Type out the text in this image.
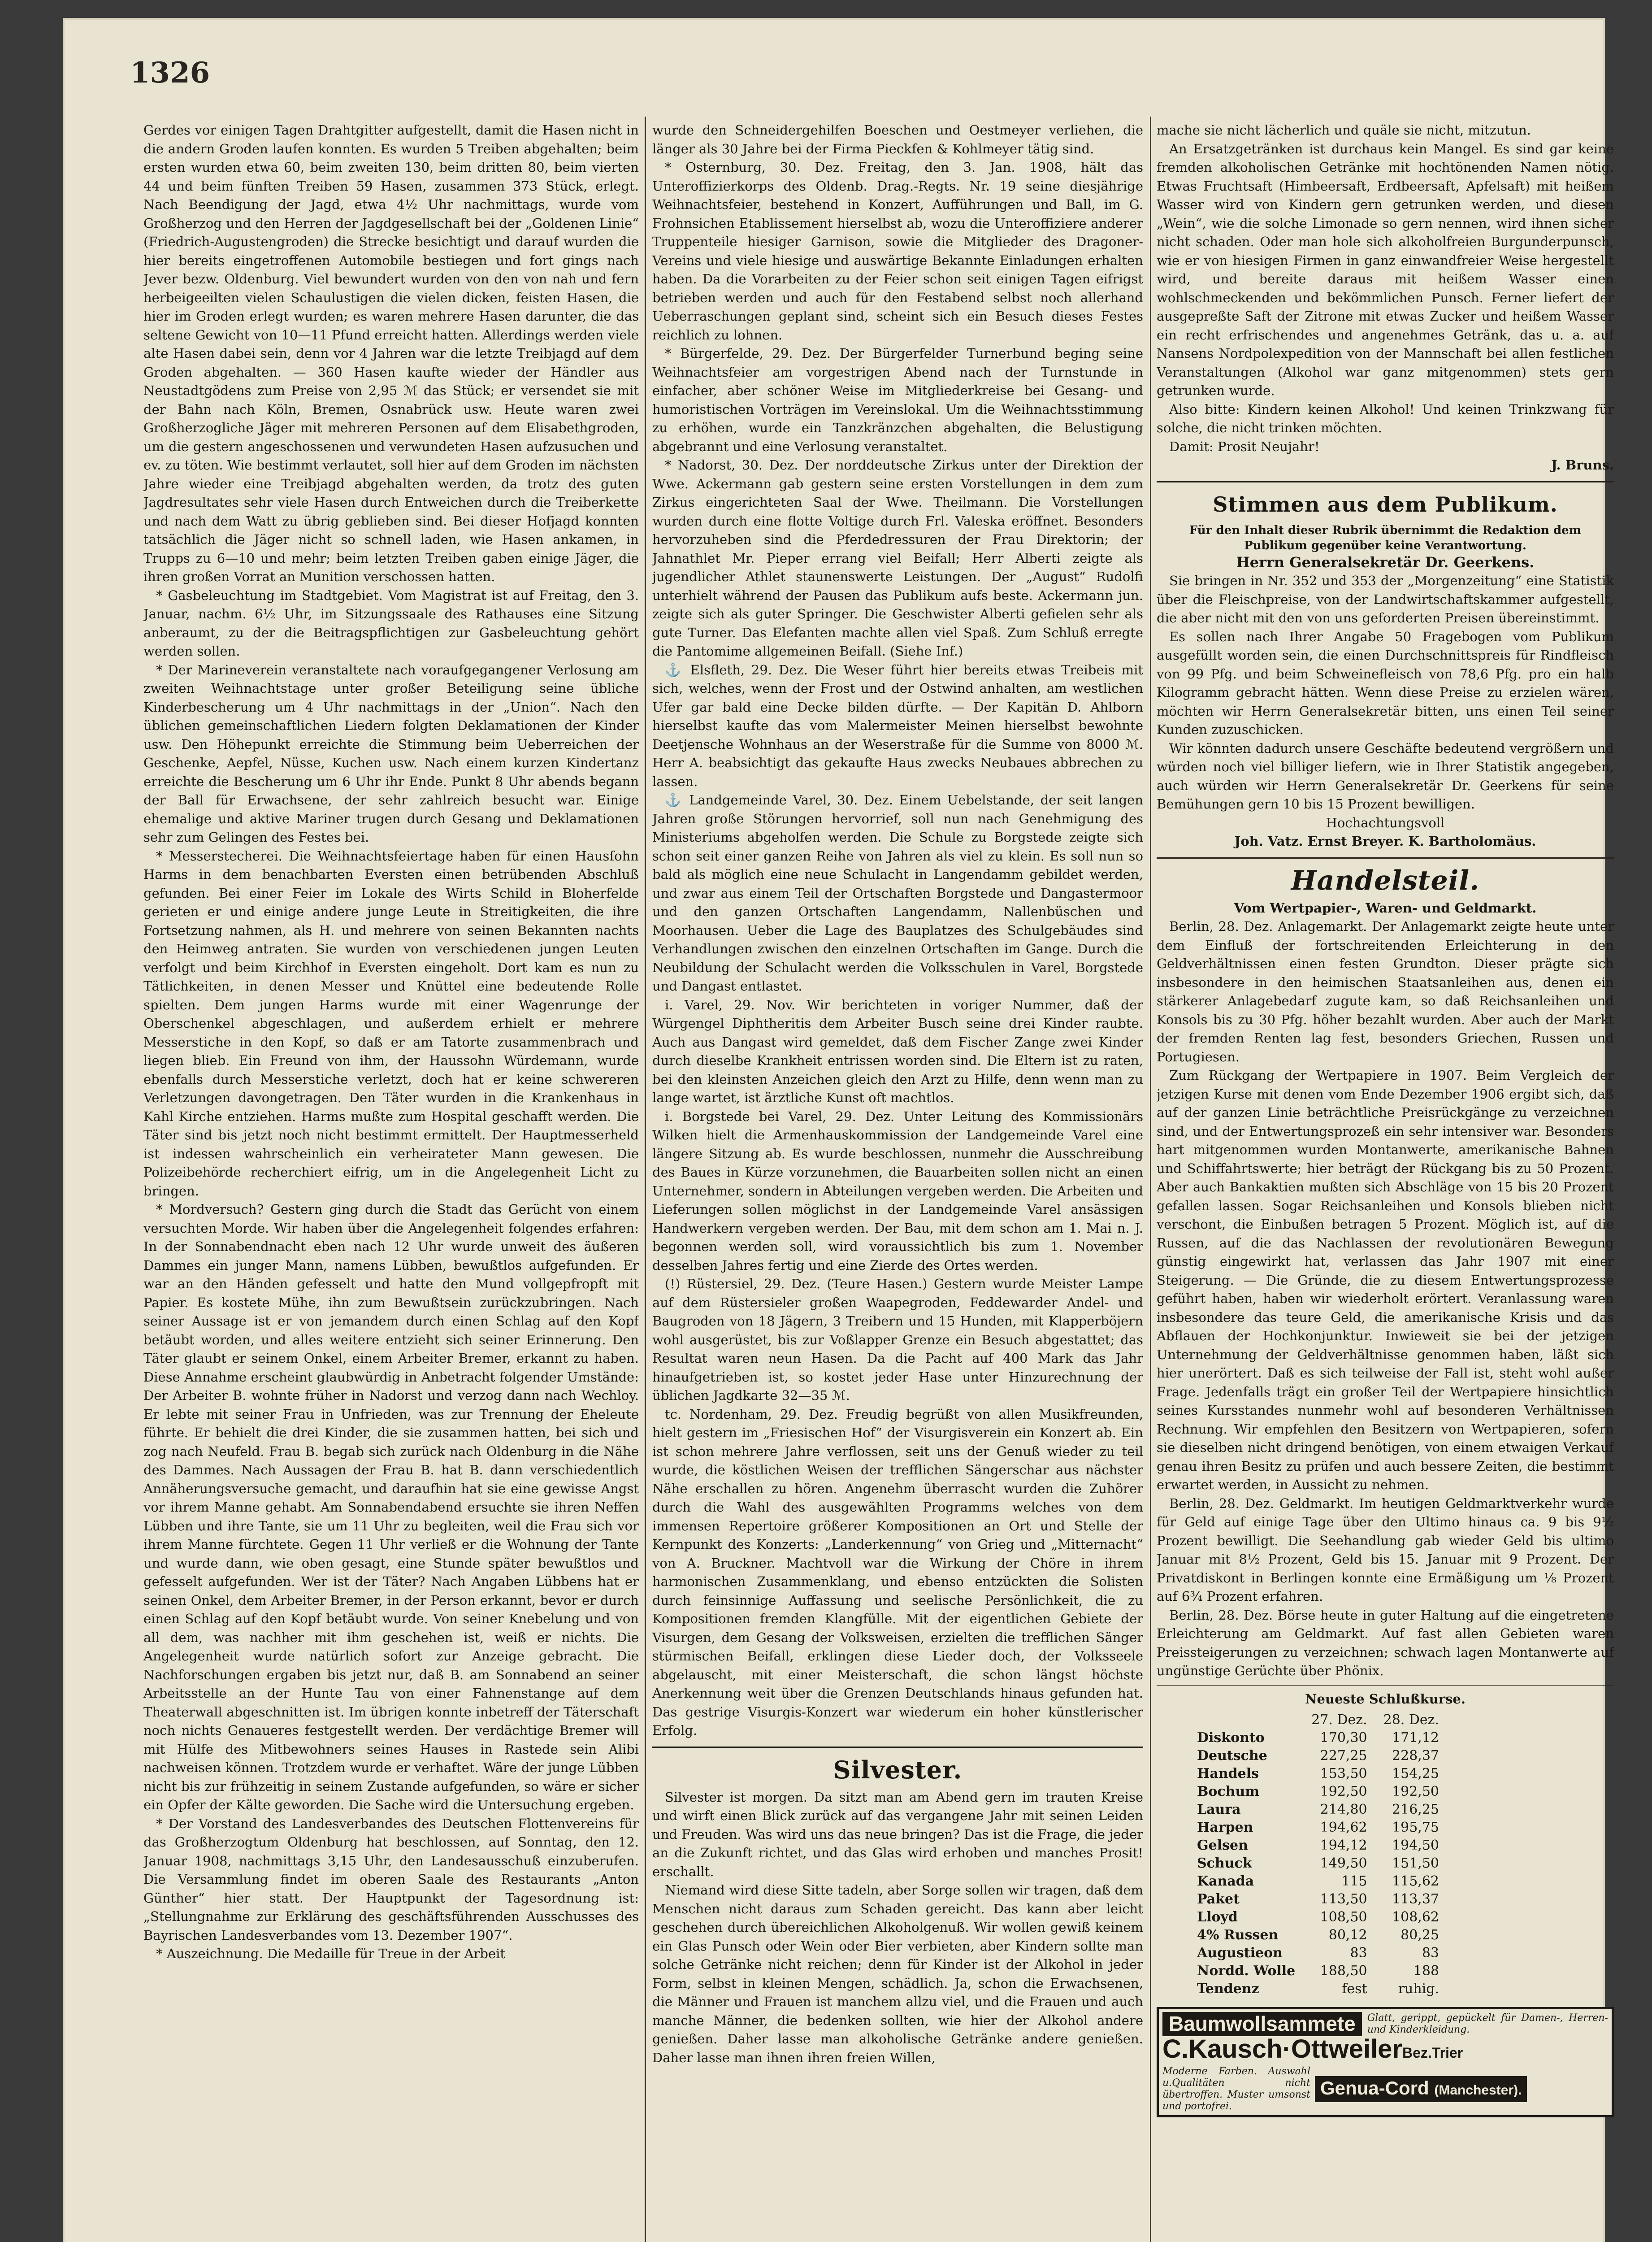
1326

Gerdes vor einigen Tagen Drahtgitter aufgestellt, damit die Hasen nicht in die andern Groden laufen konnten. Es wurden 5 Treiben abgehalten; beim ersten wurden etwa 60, beim zweiten 130, beim dritten 80, beim vierten 44 und beim fünften Treiben 59 Hasen, zusammen 373 Stück, erlegt. Nach Beendigung der Jagd, etwa 4½ Uhr nachmittags, wurde vom Großherzog und den Herren der Jagdgesellschaft bei der „Goldenen Linie“ (Friedrich-Augustengroden) die Strecke besichtigt und darauf wurden die hier bereits eingetroffenen Automobile bestiegen und fort gings nach Jever bezw. Oldenburg. Viel bewundert wurden von den von nah und fern herbeigeeilten vielen Schaulustigen die vielen dicken, feisten Hasen, die hier im Groden erlegt wurden; es waren mehrere Hasen darunter, die das seltene Gewicht von 10—11 Pfund erreicht hatten. Allerdings werden viele alte Hasen dabei sein, denn vor 4 Jahren war die letzte Treibjagd auf dem Groden abgehalten. — 360 Hasen kaufte wieder der Händler aus Neustadtgödens zum Preise von 2,95 ℳ das Stück; er versendet sie mit der Bahn nach Köln, Bremen, Osnabrück usw. Heute waren zwei Großherzogliche Jäger mit mehreren Personen auf dem Elisabethgroden, um die gestern angeschossenen und verwundeten Hasen aufzusuchen und ev. zu töten. Wie bestimmt verlautet, soll hier auf dem Groden im nächsten Jahre wieder eine Treibjagd abgehalten werden, da trotz des guten Jagdresultates sehr viele Hasen durch Entweichen durch die Treiberkette und nach dem Watt zu übrig geblieben sind. Bei dieser Hofjagd konnten tatsächlich die Jäger nicht so schnell laden, wie Hasen ankamen, in Trupps zu 6—10 und mehr; beim letzten Treiben gaben einige Jäger, die ihren großen Vorrat an Munition verschossen hatten.

* Gasbeleuchtung im Stadtgebiet. Vom Magistrat ist auf Freitag, den 3. Januar, nachm. 6½ Uhr, im Sitzungssaale des Rathauses eine Sitzung anberaumt, zu der die Beitragspflichtigen zur Gasbeleuchtung gehört werden sollen.

* Der Marineverein veranstaltete nach voraufgegangener Verlosung am zweiten Weihnachtstage unter großer Beteiligung seine übliche Kinderbescherung um 4 Uhr nachmittags in der „Union“. Nach den üblichen gemeinschaftlichen Liedern folgten Deklamationen der Kinder usw. Den Höhepunkt erreichte die Stimmung beim Ueberreichen der Geschenke, Aepfel, Nüsse, Kuchen usw. Nach einem kurzen Kindertanz erreichte die Bescherung um 6 Uhr ihr Ende. Punkt 8 Uhr abends begann der Ball für Erwachsene, der sehr zahlreich besucht war. Einige ehemalige und aktive Mariner trugen durch Gesang und Deklamationen sehr zum Gelingen des Festes bei.

* Messerstecherei. Die Weihnachtsfeiertage haben für einen Hausſohn Harms in dem benachbarten Eversten einen betrübenden Abschluß gefunden. Bei einer Feier im Lokale des Wirts Schild in Bloherfelde gerieten er und einige andere junge Leute in Streitigkeiten, die ihre Fortsetzung nahmen, als H. und mehrere von seinen Bekannten nachts den Heimweg antraten. Sie wurden von verschiedenen jungen Leuten verfolgt und beim Kirchhof in Eversten eingeholt. Dort kam es nun zu Tätlichkeiten, in denen Messer und Knüttel eine bedeutende Rolle spielten. Dem jungen Harms wurde mit einer Wagenrunge der Oberschenkel abgeschlagen, und außerdem erhielt er mehrere Messerstiche in den Kopf, so daß er am Tatorte zusammenbrach und liegen blieb. Ein Freund von ihm, der Haussohn Würdemann, wurde ebenfalls durch Messerstiche verletzt, doch hat er keine schwereren Verletzungen davongetragen. Den Täter wurden in die Krankenhaus in Kahl Kirche entziehen. Harms mußte zum Hospital geschafft werden. Die Täter sind bis jetzt noch nicht bestimmt ermittelt. Der Hauptmesserheld ist indessen wahrscheinlich ein verheirateter Mann gewesen. Die Polizeibehörde recherchiert eifrig, um in die Angelegenheit Licht zu bringen.

* Mordversuch? Gestern ging durch die Stadt das Gerücht von einem versuchten Morde. Wir haben über die Angelegenheit folgendes erfahren: In der Sonnabendnacht eben nach 12 Uhr wurde unweit des äußeren Dammes ein junger Mann, namens Lübben, bewußtlos aufgefunden. Er war an den Händen gefesselt und hatte den Mund vollgepfropft mit Papier. Es kostete Mühe, ihn zum Bewußtsein zurückzubringen. Nach seiner Aussage ist er von jemandem durch einen Schlag auf den Kopf betäubt worden, und alles weitere entzieht sich seiner Erinnerung. Den Täter glaubt er seinem Onkel, einem Arbeiter Bremer, erkannt zu haben. Diese Annahme erscheint glaubwürdig in Anbetracht folgender Umstände: Der Arbeiter B. wohnte früher in Nadorst und verzog dann nach Wechloy. Er lebte mit seiner Frau in Unfrieden, was zur Trennung der Eheleute führte. Er behielt die drei Kinder, die sie zusammen hatten, bei sich und zog nach Neufeld. Frau B. begab sich zurück nach Oldenburg in die Nähe des Dammes. Nach Aussagen der Frau B. hat B. dann verschiedentlich Annäherungsversuche gemacht, und daraufhin hat sie eine gewisse Angst vor ihrem Manne gehabt. Am Sonnabendabend ersuchte sie ihren Neffen Lübben und ihre Tante, sie um 11 Uhr zu begleiten, weil die Frau sich vor ihrem Manne fürchtete. Gegen 11 Uhr verließ er die Wohnung der Tante und wurde dann, wie oben gesagt, eine Stunde später bewußtlos und gefesselt aufgefunden. Wer ist der Täter? Nach Angaben Lübbens hat er seinen Onkel, dem Arbeiter Bremer, in der Person erkannt, bevor er durch einen Schlag auf den Kopf betäubt wurde. Von seiner Knebelung und von all dem, was nachher mit ihm geschehen ist, weiß er nichts. Die Angelegenheit wurde natürlich sofort zur Anzeige gebracht. Die Nachforschungen ergaben bis jetzt nur, daß B. am Sonnabend an seiner Arbeitsstelle an der Hunte Tau von einer Fahnenstange auf dem Theaterwall abgeschnitten ist. Im übrigen konnte inbetreff der Täterschaft noch nichts Genaueres festgestellt werden. Der verdächtige Bremer will mit Hülfe des Mitbewohners seines Hauses in Rastede sein Alibi nachweisen können. Trotzdem wurde er verhaftet. Wäre der junge Lübben nicht bis zur frühzeitig in seinem Zustande aufgefunden, so wäre er sicher ein Opfer der Kälte geworden. Die Sache wird die Untersuchung ergeben.

* Der Vorstand des Landesverbandes des Deutschen Flottenvereins für das Großherzogtum Oldenburg hat beschlossen, auf Sonntag, den 12. Januar 1908, nachmittags 3,15 Uhr, den Landesausschuß einzuberufen. Die Versammlung findet im oberen Saale des Restaurants „Anton Günther“ hier statt. Der Hauptpunkt der Tagesordnung ist: „Stellungnahme zur Erklärung des geschäftsführenden Ausschusses des Bayrischen Landesverbandes vom 13. Dezember 1907“.

* Auszeichnung. Die Medaille für Treue in der Arbeit

wurde den Schneidergehilfen Boeschen und Oestmeyer verliehen, die länger als 30 Jahre bei der Firma Pieckfen & Kohlmeyer tätig sind.

* Osternburg, 30. Dez. Freitag, den 3. Jan. 1908, hält das Unteroffizierkorps des Oldenb. Drag.-Regts. Nr. 19 seine diesjährige Weihnachtsfeier, bestehend in Konzert, Aufführungen und Ball, im G. Frohnsichen Etablissement hierselbst ab, wozu die Unteroffiziere anderer Truppenteile hiesiger Garnison, sowie die Mitglieder des Dragoner-Vereins und viele hiesige und auswärtige Bekannte Einladungen erhalten haben. Da die Vorarbeiten zu der Feier schon seit einigen Tagen eifrigst betrieben werden und auch für den Festabend selbst noch allerhand Ueberraschungen geplant sind, scheint sich ein Besuch dieses Festes reichlich zu lohnen.

* Bürgerfelde, 29. Dez. Der Bürgerfelder Turnerbund beging seine Weihnachtsfeier am vorgestrigen Abend nach der Turnstunde in einfacher, aber schöner Weise im Mitgliederkreise bei Gesang- und humoristischen Vorträgen im Vereinslokal. Um die Weihnachtsstimmung zu erhöhen, wurde ein Tanzkränzchen abgehalten, die Belustigung abgebrannt und eine Verlosung veranstaltet.

* Nadorst, 30. Dez. Der norddeutsche Zirkus unter der Direktion der Wwe. Ackermann gab gestern seine ersten Vorstellungen in dem zum Zirkus eingerichteten Saal der Wwe. Theilmann. Die Vorstellungen wurden durch eine flotte Voltige durch Frl. Valeska eröffnet. Besonders hervorzuheben sind die Pferdedressuren der Frau Direktorin; der Jahnathlet Mr. Pieper errang viel Beifall; Herr Alberti zeigte als jugendlicher Athlet staunenswerte Leistungen. Der „August“ Rudolfi unterhielt während der Pausen das Publikum aufs beste. Ackermann jun. zeigte sich als guter Springer. Die Geschwister Alberti gefielen sehr als gute Turner. Das Elefanten machte allen viel Spaß. Zum Schluß erregte die Pantomime allgemeinen Beifall. (Siehe Inf.)

⚓ Elsfleth, 29. Dez. Die Weser führt hier bereits etwas Treibeis mit sich, welches, wenn der Frost und der Ostwind anhalten, am westlichen Ufer gar bald eine Decke bilden dürfte. — Der Kapitän D. Ahlborn hierselbst kaufte das vom Malermeister Meinen hierselbst bewohnte Deetjensche Wohnhaus an der Weserstraße für die Summe von 8000 ℳ. Herr A. beabsichtigt das gekaufte Haus zwecks Neubaues abbrechen zu lassen.

⚓ Landgemeinde Varel, 30. Dez. Einem Uebelstande, der seit langen Jahren große Störungen hervorrief, soll nun nach Genehmigung des Ministeriums abgeholfen werden. Die Schule zu Borgstede zeigte sich schon seit einer ganzen Reihe von Jahren als viel zu klein. Es soll nun so bald als möglich eine neue Schulacht in Langendamm gebildet werden, und zwar aus einem Teil der Ortschaften Borgstede und Dangastermoor und den ganzen Ortschaften Langendamm, Nallenbüschen und Moorhausen. Ueber die Lage des Bauplatzes des Schulgebäudes sind Verhandlungen zwischen den einzelnen Ortschaften im Gange. Durch die Neubildung der Schulacht werden die Volksschulen in Varel, Borgstede und Dangast entlastet.

i. Varel, 29. Nov. Wir berichteten in voriger Nummer, daß der Würgengel Diphtheritis dem Arbeiter Busch seine drei Kinder raubte. Auch aus Dangast wird gemeldet, daß dem Fischer Zange zwei Kinder durch dieselbe Krankheit entrissen worden sind. Die Eltern ist zu raten, bei den kleinsten Anzeichen gleich den Arzt zu Hilfe, denn wenn man zu lange wartet, ist ärztliche Kunst oft machtlos.

i. Borgstede bei Varel, 29. Dez. Unter Leitung des Kommissionärs Wilken hielt die Armenhauskommission der Landgemeinde Varel eine längere Sitzung ab. Es wurde beschlossen, nunmehr die Ausschreibung des Baues in Kürze vorzunehmen, die Bauarbeiten sollen nicht an einen Unternehmer, sondern in Abteilungen vergeben werden. Die Arbeiten und Lieferungen sollen möglichst in der Landgemeinde Varel ansässigen Handwerkern vergeben werden. Der Bau, mit dem schon am 1. Mai n. J. begonnen werden soll, wird voraussichtlich bis zum 1. November desselben Jahres fertig und eine Zierde des Ortes werden.

(!) Rüstersiel, 29. Dez. (Teure Hasen.) Gestern wurde Meister Lampe auf dem Rüstersieler großen Waapegroden, Feddewarder Andel- und Baugroden von 18 Jägern, 3 Treibern und 15 Hunden, mit Klapperböjern wohl ausgerüstet, bis zur Voßlapper Grenze ein Besuch abgestattet; das Resultat waren neun Hasen. Da die Pacht auf 400 Mark das Jahr hinaufgetrieben ist, so kostet jeder Hase unter Hinzurechnung der üblichen Jagdkarte 32—35 ℳ.

tc. Nordenham, 29. Dez. Freudig begrüßt von allen Musikfreunden, hielt gestern im „Friesischen Hof“ der Visurgisverein ein Konzert ab. Ein ist schon mehrere Jahre verflossen, seit uns der Genuß wieder zu teil wurde, die köstlichen Weisen der trefflichen Sängerschar aus nächster Nähe erschallen zu hören. Angenehm überrascht wurden die Zuhörer durch die Wahl des ausgewählten Programms welches von dem immensen Repertoire größerer Kompositionen an Ort und Stelle der Kernpunkt des Konzerts: „Landerkennung“ von Grieg und „Mitternacht“ von A. Bruckner. Machtvoll war die Wirkung der Chöre in ihrem harmonischen Zusammenklang, und ebenso entzückten die Solisten durch feinsinnige Auffassung und seelische Persönlichkeit, die zu Kompositionen fremden Klangfülle. Mit der eigentlichen Gebiete der Visurgen, dem Gesang der Volksweisen, erzielten die trefflichen Sänger stürmischen Beifall, erklingen diese Lieder doch, der Volksseele abgelauscht, mit einer Meisterschaft, die schon längst höchste Anerkennung weit über die Grenzen Deutschlands hinaus gefunden hat. Das gestrige Visurgis-Konzert war wiederum ein hoher künstlerischer Erfolg.

Silvester.

Silvester ist morgen. Da sitzt man am Abend gern im trauten Kreise und wirft einen Blick zurück auf das vergangene Jahr mit seinen Leiden und Freuden. Was wird uns das neue bringen? Das ist die Frage, die jeder an die Zukunft richtet, und das Glas wird erhoben und manches Prosit! erschallt.

Niemand wird diese Sitte tadeln, aber Sorge sollen wir tragen, daß dem Menschen nicht daraus zum Schaden gereicht. Das kann aber leicht geschehen durch übereichlichen Alkoholgenuß. Wir wollen gewiß keinem ein Glas Punsch oder Wein oder Bier verbieten, aber Kindern sollte man solche Getränke nicht reichen; denn für Kinder ist der Alkohol in jeder Form, selbst in kleinen Mengen, schädlich. Ja, schon die Erwachsenen, die Männer und Frauen ist manchem allzu viel, und die Frauen und auch manche Männer, die bedenken sollten, wie hier der Alkohol andere genießen. Daher lasse man alkoholische Getränke andere genießen. Daher lasse man ihnen ihren freien Willen,

mache sie nicht lächerlich und quäle sie nicht, mitzutun.

An Ersatzgetränken ist durchaus kein Mangel. Es sind gar keine fremden alkoholischen Getränke mit hochtönenden Namen nötig. Etwas Fruchtsaft (Himbeersaft, Erdbeersaft, Apfelsaft) mit heißem Wasser wird von Kindern gern getrunken werden, und diesen „Wein“, wie die solche Limonade so gern nennen, wird ihnen sicher nicht schaden. Oder man hole sich alkoholfreien Burgunderpunsch, wie er von hiesigen Firmen in ganz einwandfreier Weise hergestellt wird, und bereite daraus mit heißem Wasser einen wohlschmeckenden und bekömmlichen Punsch. Ferner liefert der ausgepreßte Saft der Zitrone mit etwas Zucker und heißem Wasser ein recht erfrischendes und angenehmes Getränk, das u. a. auf Nansens Nordpolexpedition von der Mannschaft bei allen festlichen Veranstaltungen (Alkohol war ganz mitgenommen) stets gern getrunken wurde.

Also bitte: Kindern keinen Alkohol! Und keinen Trinkzwang für solche, die nicht trinken möchten.

Damit: Prosit Neujahr!

J. Bruns.

Stimmen aus dem Publikum.

Für den Inhalt dieser Rubrik übernimmt die Redaktion dem Publikum gegenüber keine Verantwortung.

Herrn Generalsekretär Dr. Geerkens.

Sie bringen in Nr. 352 und 353 der „Morgenzeitung“ eine Statistik über die Fleischpreise, von der Landwirtschaftskammer aufgestellt, die aber nicht mit den von uns geforderten Preisen übereinstimmt.

Es sollen nach Ihrer Angabe 50 Fragebogen vom Publikum ausgefüllt worden sein, die einen Durchschnittspreis für Rindfleisch von 99 Pfg. und beim Schweinefleisch von 78,6 Pfg. pro ein halb Kilogramm gebracht hätten. Wenn diese Preise zu erzielen wären, möchten wir Herrn Generalsekretär bitten, uns einen Teil seiner Kunden zuzuschicken.

Wir könnten dadurch unsere Geschäfte bedeutend vergrößern und würden noch viel billiger liefern, wie in Ihrer Statistik angegeben, auch würden wir Herrn Generalsekretär Dr. Geerkens für seine Bemühungen gern 10 bis 15 Prozent bewilligen.

Hochachtungsvoll

Joh. Vatz. Ernst Breyer. K. Bartholomäus.

Handelsteil.

Vom Wertpapier-, Waren- und Geldmarkt.

Berlin, 28. Dez. Anlagemarkt. Der Anlagemarkt zeigte heute unter dem Einfluß der fortschreitenden Erleichterung in den Geldverhältnissen einen festen Grundton. Dieser prägte sich insbesondere in den heimischen Staatsanleihen aus, denen ein stärkerer Anlagebedarf zugute kam, so daß Reichsanleihen und Konsols bis zu 30 Pfg. höher bezahlt wurden. Aber auch der Markt der fremden Renten lag fest, besonders Griechen, Russen und Portugiesen.

Zum Rückgang der Wertpapiere in 1907. Beim Vergleich der jetzigen Kurse mit denen vom Ende Dezember 1906 ergibt sich, daß auf der ganzen Linie beträchtliche Preisrückgänge zu verzeichnen sind, und der Entwertungsprozeß ein sehr intensiver war. Besonders hart mitgenommen wurden Montanwerte, amerikanische Bahnen und Schiffahrtswerte; hier beträgt der Rückgang bis zu 50 Prozent. Aber auch Bankaktien mußten sich Abschläge von 15 bis 20 Prozent gefallen lassen. Sogar Reichsanleihen und Konsols blieben nicht verschont, die Einbußen betragen 5 Prozent. Möglich ist, auf die Russen, auf die das Nachlassen der revolutionären Bewegung günstig eingewirkt hat, verlassen das Jahr 1907 mit einer Steigerung. — Die Gründe, die zu diesem Entwertungsprozesse geführt haben, haben wir wiederholt erörtert. Veranlassung waren insbesondere das teure Geld, die amerikanische Krisis und das Abflauen der Hochkonjunktur. Inwieweit sie bei der jetzigen Unternehmung der Geldverhältnisse genommen haben, läßt sich hier unerörtert. Daß es sich teilweise der Fall ist, steht wohl außer Frage. Jedenfalls trägt ein großer Teil der Wertpapiere hinsichtlich seines Kursstandes nunmehr wohl auf besonderen Verhältnissen Rechnung. Wir empfehlen den Besitzern von Wertpapieren, sofern sie dieselben nicht dringend benötigen, von einem etwaigen Verkauf genau ihren Besitz zu prüfen und auch bessere Zeiten, die bestimmt erwartet werden, in Aussicht zu nehmen.

Berlin, 28. Dez. Geldmarkt. Im heutigen Geldmarktverkehr wurde für Geld auf einige Tage über den Ultimo hinaus ca. 9 bis 9½ Prozent bewilligt. Die Seehandlung gab wieder Geld bis ultimo Januar mit 8½ Prozent, Geld bis 15. Januar mit 9 Prozent. Der Privatdiskont in Berlingen konnte eine Ermäßigung um ⅛ Prozent auf 6¾ Prozent erfahren.

Berlin, 28. Dez. Börse heute in guter Haltung auf die eingetretene Erleichterung am Geldmarkt. Auf fast allen Gebieten waren Preissteigerungen zu verzeichnen; schwach lagen Montanwerte auf ungünstige Gerüchte über Phönix.

Neueste Schlußkurse.

	27. Dez.	28. Dez.
Diskonto	170,30	171,12
Deutsche	227,25	228,37
Handels	153,50	154,25
Bochum	192,50	192,50
Laura	214,80	216,25
Harpen	194,62	195,75
Gelsen	194,12	194,50
Schuck	149,50	151,50
Kanada	115	115,62
Paket	113,50	113,37
Lloyd	108,50	108,62
4% Russen	80,12	80,25
Augustieon	83	83
Nordd. Wolle	188,50	188
Tendenz	fest	ruhig.
Baumwollsammete	Glatt, gerippt, gepückelt für Damen-, Herren- und Kinderkleidung.
C.Kausch·OttweilerBez.Trier
Moderne Farben. Auswahl u.Qualitäten nicht übertroffen. Muster umsonst und portofrei.
Genua-Cord (Manchester).
